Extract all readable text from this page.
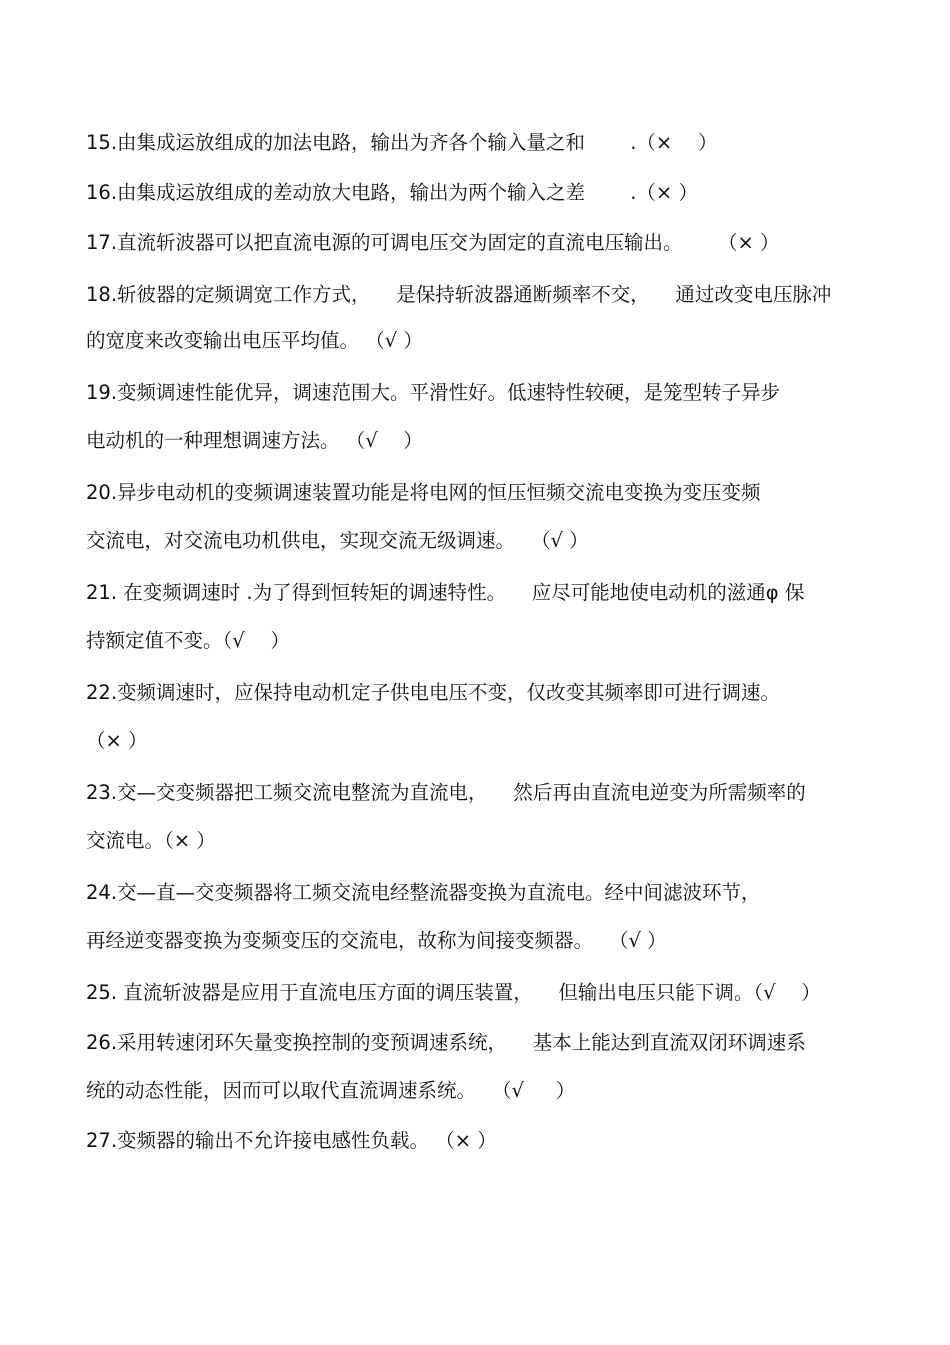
15.由集成运放组成的加法电路，输出为齐各个输入量之和 　　.（× 　）
16.由集成运放组成的差动放大电路，输出为两个输入之差 　　.（× ）
17.直流斩波器可以把直流电源的可调电压交为固定的直流电压输出。 　　（× ）
18.斩彼器的定频调宽工作方式， 　是保持斩波器通断频率不交， 　通过改变电压脉冲
的宽度来改变输出电压平均值。 （√ ）
19.变频调速性能优异，调速范围大。平滑性好。低速特性较硬，是笼型转子异步
电动机的一种理想调速方法。 （√ 　）
20.异步电动机的变频调速装置功能是将电网的恒压恒频交流电变换为变压变频
交流电，对交流电功机供电，实现交流无级调速。 　（√ ）
21. 在变频调速时 .为了得到恒转矩的调速特性。 　应尽可能地使电动机的滋通φ 保
持额定值不变。（√ 　）
22.变频调速时，应保持电动机定子供电电压不变，仅改变其频率即可进行调速。
（× ）
23.交—交变频器把工频交流电整流为直流电， 　然后再由直流电逆变为所需频率的
交流电。（× ）
24.交—直—交变频器将工频交流电经整流器变换为直流电。经中间滤波环节，
再经逆变器变换为变频变压的交流电，故称为间接变频器。 　（√ ）
25. 直流斩波器是应用于直流电压方面的调压装置， 　但输出电压只能下调。（√ 　）
26.采用转速闭环矢量变换控制的变预调速系统， 　基本上能达到直流双闭环调速系
统的动态性能，因而可以取代直流调速系统。 　（√ 　 ）
27.变频器的输出不允许接电感性负载。 （× ）
